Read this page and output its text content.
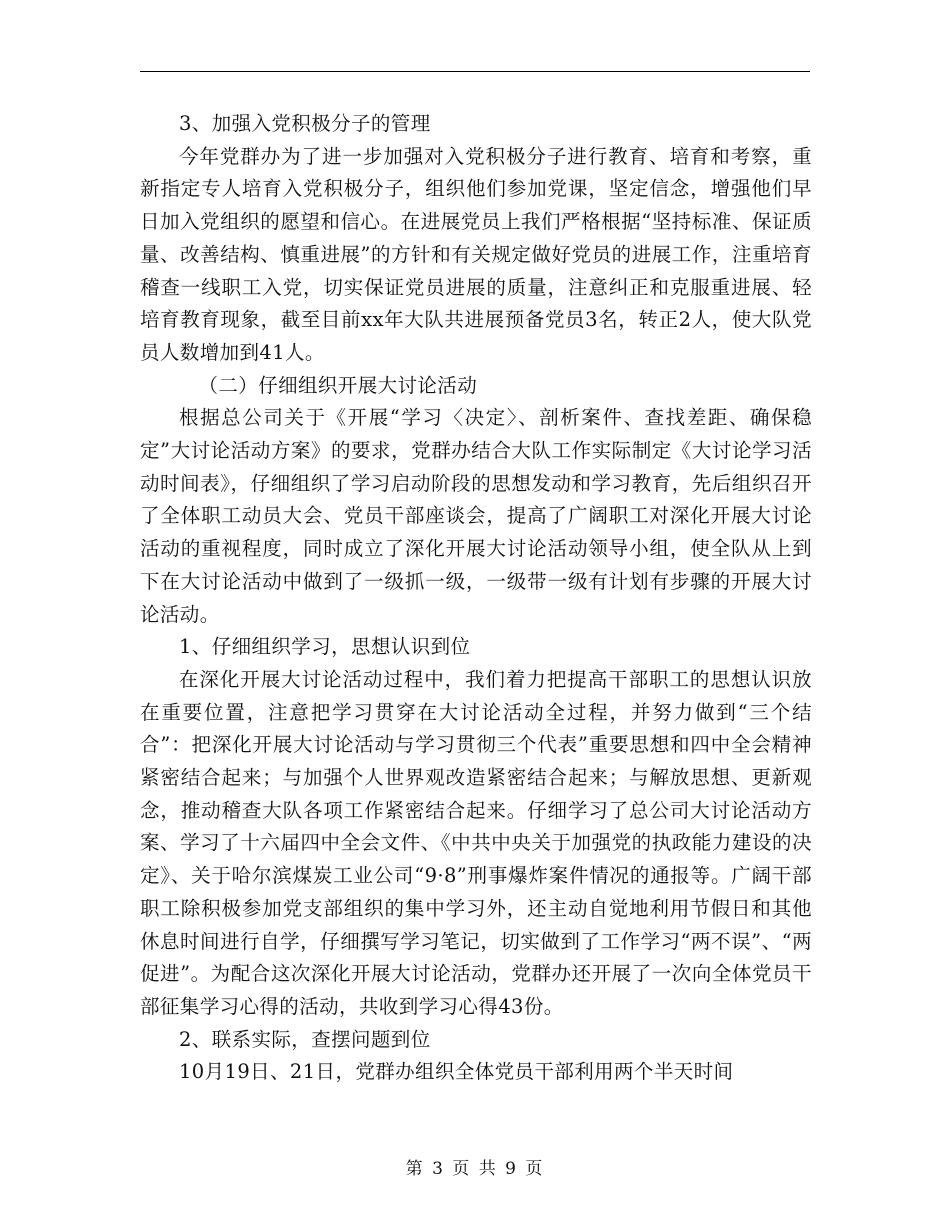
3、加强入党积极分子的管理

今年党群办为了进一步加强对入党积极分子进行教育、培育和考察，重新指定专人培育入党积极分子，组织他们参加党课，坚定信念，增强他们早日加入党组织的愿望和信心。在进展党员上我们严格根据“坚持标准、保证质量、改善结构、慎重进展”的方针和有关规定做好党员的进展工作，注重培育稽查一线职工入党，切实保证党员进展的质量，注意纠正和克服重进展、轻培育教育现象，截至目前xx年大队共进展预备党员3名，转正2人，使大队党员人数增加到41人。

（二）仔细组织开展大讨论活动

根据总公司关于《开展“学习〈决定〉、剖析案件、查找差距、确保稳定”大讨论活动方案》的要求，党群办结合大队工作实际制定《大讨论学习活动时间表》，仔细组织了学习启动阶段的思想发动和学习教育，先后组织召开了全体职工动员大会、党员干部座谈会，提高了广阔职工对深化开展大讨论活动的重视程度，同时成立了深化开展大讨论活动领导小组，使全队从上到下在大讨论活动中做到了一级抓一级，一级带一级有计划有步骤的开展大讨论活动。

1、仔细组织学习，思想认识到位

在深化开展大讨论活动过程中，我们着力把提高干部职工的思想认识放在重要位置，注意把学习贯穿在大讨论活动全过程，并努力做到“三个结合”：把深化开展大讨论活动与学习贯彻三个代表”重要思想和四中全会精神紧密结合起来；与加强个人世界观改造紧密结合起来；与解放思想、更新观念，推动稽查大队各项工作紧密结合起来。仔细学习了总公司大讨论活动方案、学习了十六届四中全会文件、《中共中央关于加强党的执政能力建设的决定》、关于哈尔滨煤炭工业公司“9·8”刑事爆炸案件情况的通报等。广阔干部职工除积极参加党支部组织的集中学习外，还主动自觉地利用节假日和其他休息时间进行自学，仔细撰写学习笔记，切实做到了工作学习“两不误”、“两促进”。为配合这次深化开展大讨论活动，党群办还开展了一次向全体党员干部征集学习心得的活动，共收到学习心得43份。

2、联系实际，查摆问题到位

10月19日、21日，党群办组织全体党员干部利用两个半天时间

第 3 页 共 9 页
